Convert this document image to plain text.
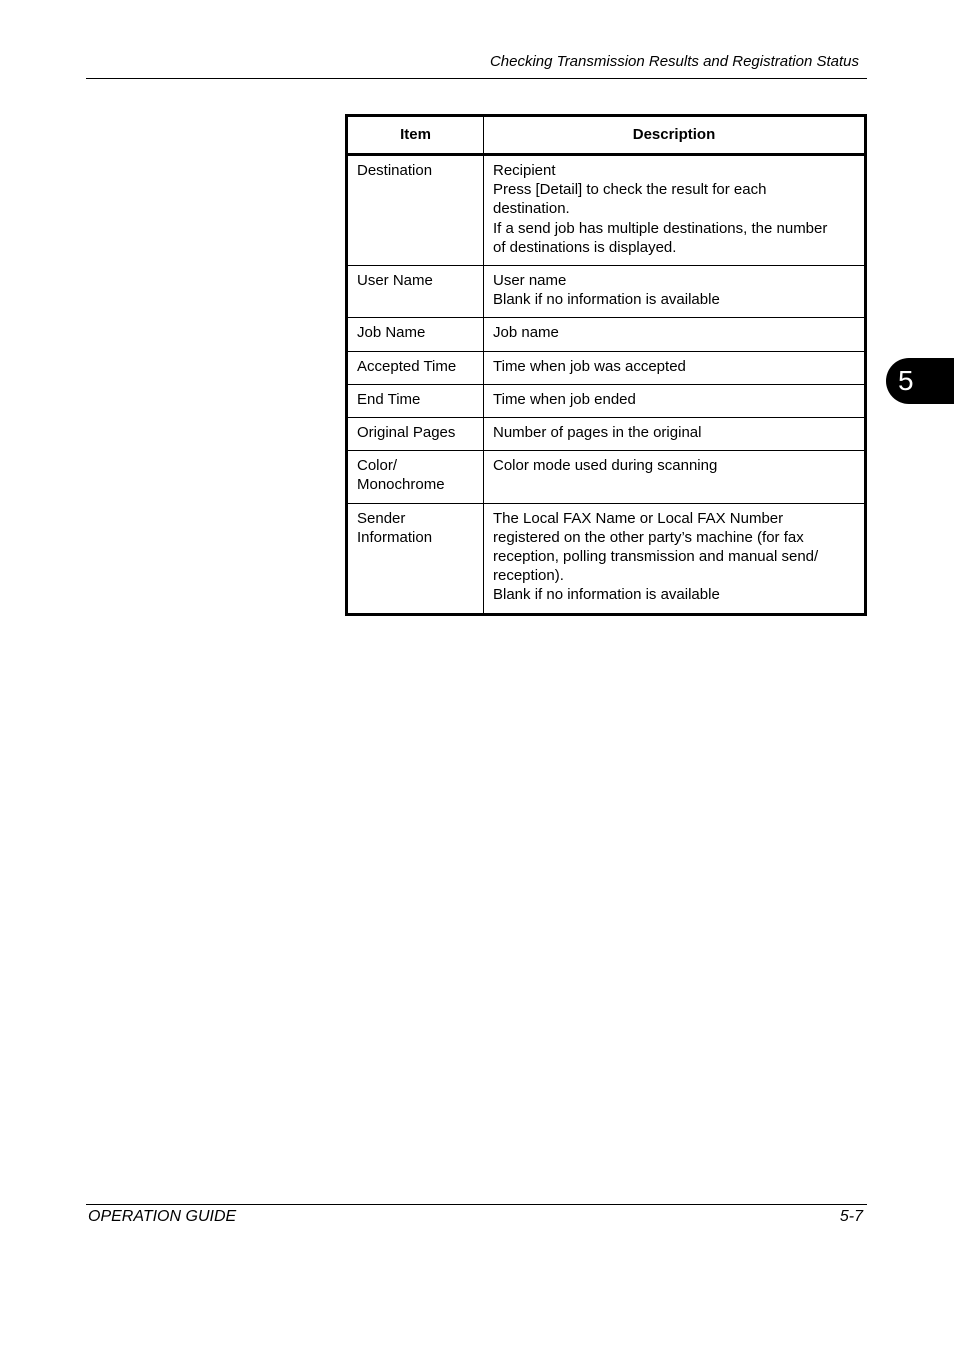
Checking Transmission Results and Registration Status
5
Item	Description

Destination	Recipient
Press [Detail] to check the result for each
destination.
If a send job has multiple destinations, the number
of destinations is displayed.

User Name	User name
Blank if no information is available

Job Name	Job name

Accepted Time	Time when job was accepted

End Time	Time when job ended

Original Pages	Number of pages in the original

Color/
Monochrome	Color mode used during scanning

Sender
Information	The Local FAX Name or Local FAX Number
registered on the other party’s machine (for fax
reception, polling transmission and manual send/
reception).
Blank if no information is available
OPERATION GUIDE	5-7
